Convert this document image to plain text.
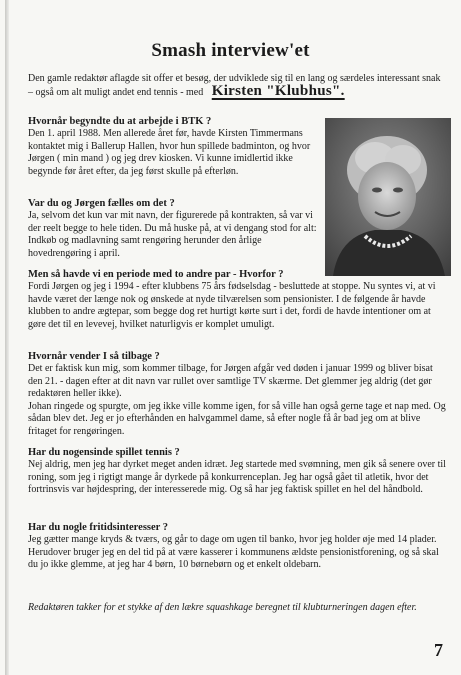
Smash interview'et
Den gamle redaktør aflagde sit offer et besøg, der udviklede sig til en lang og særdeles interessant snak – også om alt muligt andet end tennis - med Kirsten "Klubhus".
Hvornår begyndte du at arbejde i BTK ?
Den 1. april 1988. Men allerede året før, havde Kirsten Timmermans kontaktet mig i Ballerup Hallen, hvor hun spillede badminton, og hvor Jørgen ( min mand ) og jeg drev kiosken. Vi kunne imidlertid ikke begynde før året efter, da jeg først skulle på efterløn.
Var du og Jørgen fælles om det ?
Ja, selvom det kun var mit navn, der figurerede på kontrakten, så var vi der reelt begge to hele tiden. Du må huske på, at vi dengang stod for alt: Indkøb og madlavning samt rengøring herunder den årlige hovedrengøring i april.
Men så havde vi en periode med to andre par - Hvorfor ?
Fordi Jørgen og jeg i 1994 - efter klubbens 75 års fødselsdag - besluttede at stoppe. Nu syntes vi, at vi havde været der længe nok og ønskede at nyde tilværelsen som pensionister. I de følgende år havde klubben to andre ægtepar, som begge dog ret hurtigt kørte surt i det, fordi de havde intentioner om at gøre det til en levevej, hvilket naturligvis er komplet umuligt.
Hvornår vender I så tilbage ?
Det er faktisk kun mig, som kommer tilbage, for Jørgen afgår ved døden i januar 1999 og bliver bisat den 21. - dagen efter at dit navn var rullet over samtlige TV skærme. Det glemmer jeg aldrig (det gør redaktøren heller ikke).
Johan ringede og spurgte, om jeg ikke ville komme igen, for så ville han også gerne tage et nap med. Og sådan blev det. Jeg er jo efterhånden en halvgammel dame, så efter nogle få år bad jeg om at blive fritaget for rengøringen.
Har du nogensinde spillet tennis ?
Nej aldrig, men jeg har dyrket meget anden idræt. Jeg startede med svømning, men gik så senere over til roning, som jeg i rigtigt mange år dyrkede på konkurrenceplan. Jeg har også gået til atletik, hvor det fortrinsvis var højdespring, der interesserede mig. Og så har jeg faktisk spillet en hel del håndbold.
Har du nogle fritidsinteresser ?
Jeg gætter mange kryds & tværs, og går to dage om ugen til banko, hvor jeg holder øje med 14 plader. Herudover bruger jeg en del tid på at være kasserer i kommunens ældste pensionistforening, og så skal du jo ikke glemme, at jeg har 4 børn, 10 børnebørn og et enkelt oldebarn.
Redaktøren takker for et stykke af den lækre squashkage beregnet til klubturneringen dagen efter.
7
